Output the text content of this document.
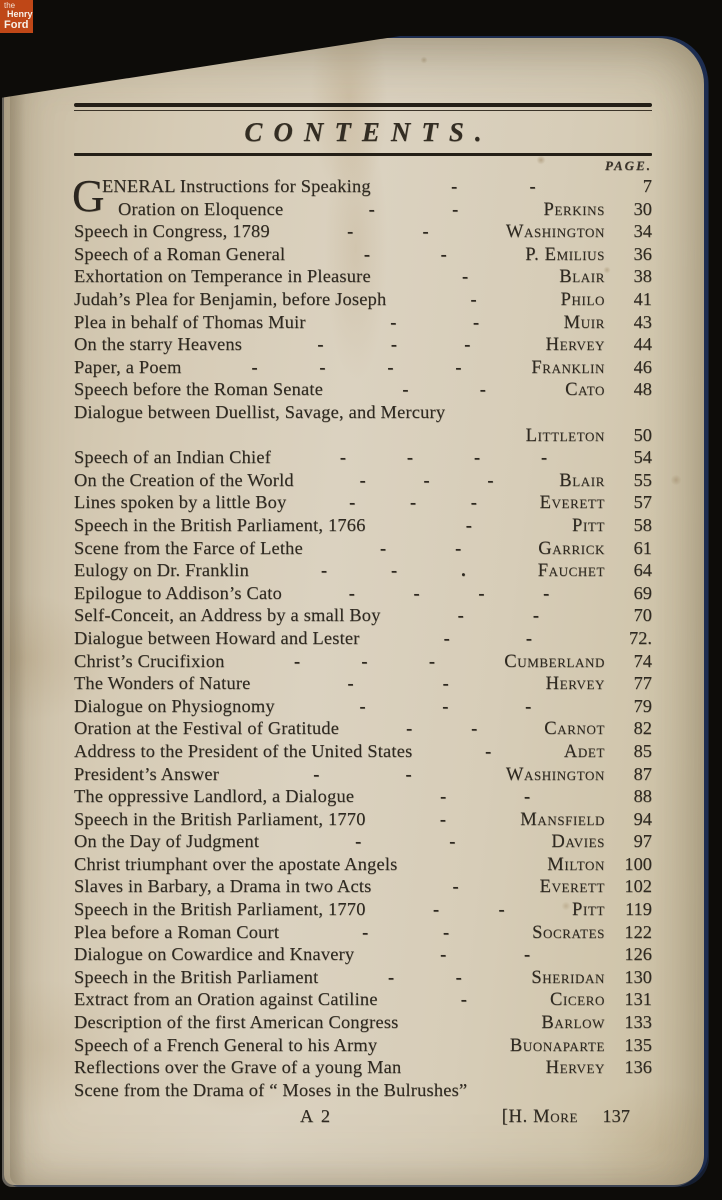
CONTENTS.
PAGE.
G
ENERAL Instructions for Speaking	-	-	7
Oration on Eloquence	-	-	Perkins	30
Speech in Congress, 1789	-	-	Washington	34
Speech of a Roman General	-	-	P. Emilius	36
Exhortation on Temperance in Pleasure	-	Blair	38
Judah’s Plea for Benjamin, before Joseph	-	Philo	41
Plea in behalf of Thomas Muir	-	-	Muir	43
On the starry Heavens	-	-	-	Hervey	44
Paper, a Poem	-	-	-	-	Franklin	46
Speech before the Roman Senate	-	-	Cato	48
Dialogue between Duellist, Savage, and Mercury
Littleton	50
Speech of an Indian Chief	-	-	-	-	54
On the Creation of the World	-	-	-	Blair	55
Lines spoken by a little Boy	-	-	-	Everett	57
Speech in the British Parliament, 1766	-	Pitt	58
Scene from the Farce of Lethe	-	-	Garrick	61
Eulogy on Dr. Franklin	-	-	.	Fauchet	64
Epilogue to Addison’s Cato	-	-	-	-	69
Self-Conceit, an Address by a small Boy	-	-	70
Dialogue between Howard and Lester	-	-	72.
Christ’s Crucifixion	-	-	-	Cumberland	74
The Wonders of Nature	-	-	Hervey	77
Dialogue on Physiognomy	-	-	-	79
Oration at the Festival of Gratitude	-	-	Carnot	82
Address to the President of the United States	-	Adet	85
President’s Answer	-	-	Washington	87
The oppressive Landlord, a Dialogue	-	-	88
Speech in the British Parliament, 1770	-	Mansfield	94
On the Day of Judgment	-	-	Davies	97
Christ triumphant over the apostate Angels	Milton	100
Slaves in Barbary, a Drama in two Acts	-	Everett	102
Speech in the British Parliament, 1770	-	-	Pitt	119
Plea before a Roman Court	-	-	Socrates	122
Dialogue on Cowardice and Knavery	-	-	126
Speech in the British Parliament	-	-	Sheridan	130
Extract from an Oration against Catiline	-	Cicero	131
Description of the first American Congress	Barlow	133
Speech of a French General to his Army	Buonaparte	135
Reflections over the Grave of a young Man	Hervey	136
Scene from the Drama of “ Moses in the Bulrushes”
A 2	[H. More	137
the
Henry
Ford
